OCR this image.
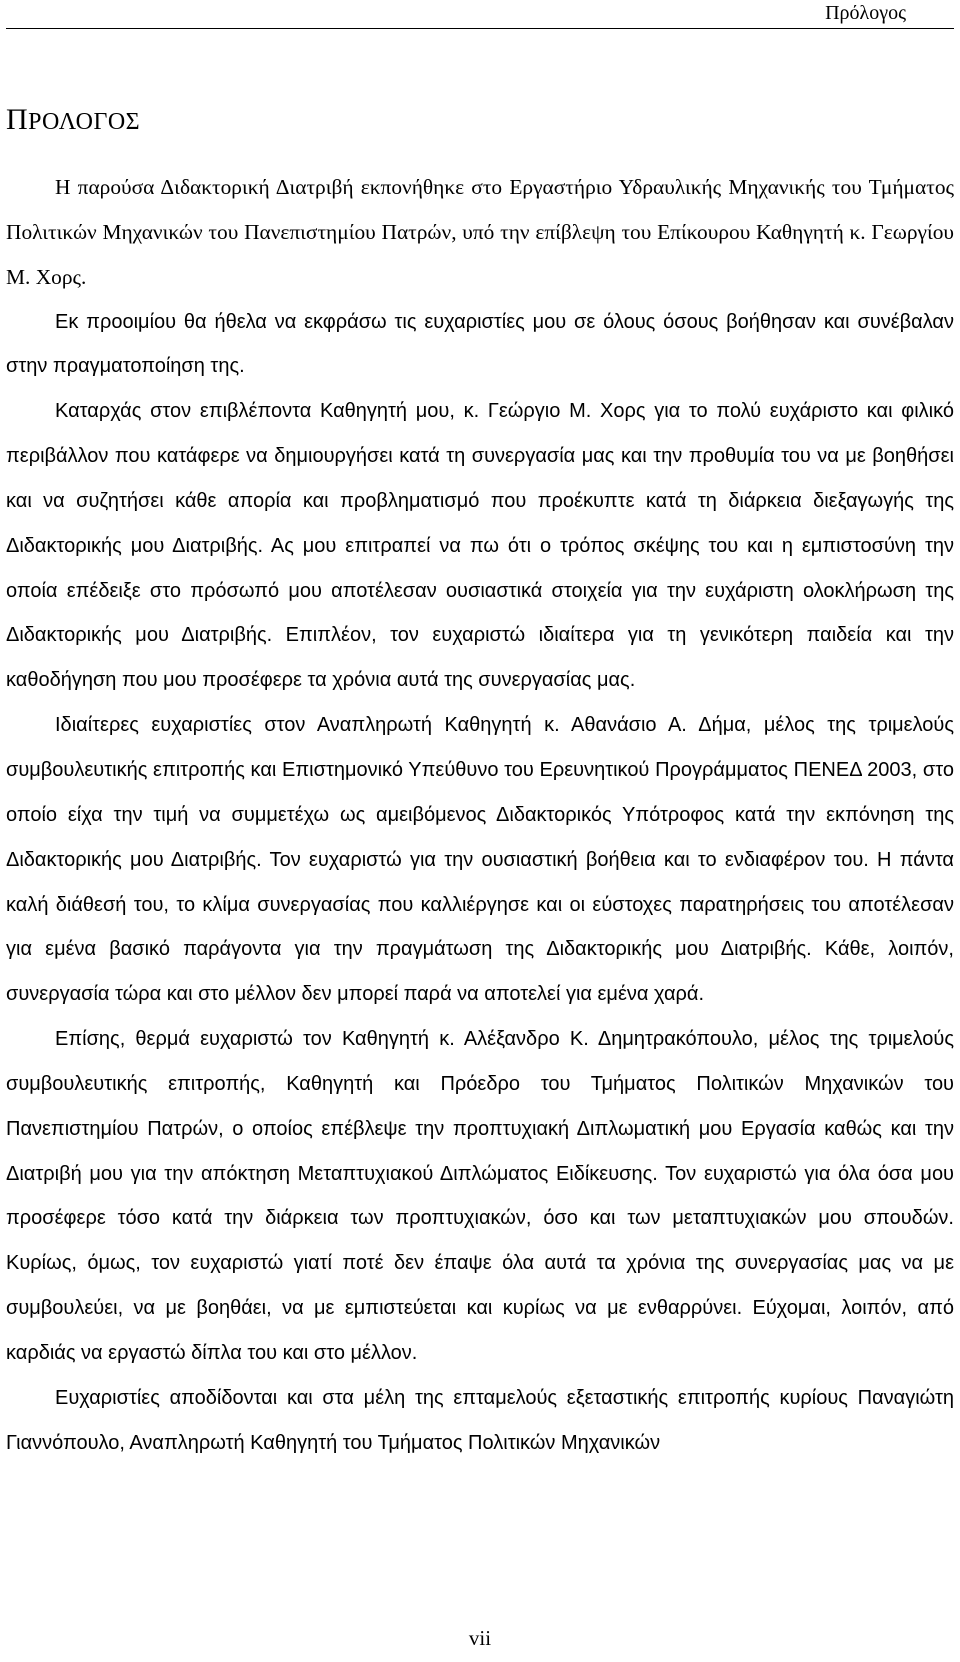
Πρόλογος
ΠΡΟΛΟΓΟΣ

Η παρούσα Διδακτορική Διατριβή εκπονήθηκε στο Εργαστήριο Υδραυλικής Μηχανικής του Τμήματος Πολιτικών Μηχανικών του Πανεπιστημίου Πατρών, υπό την επίβλεψη του Επίκουρου Καθηγητή κ. Γεωργίου Μ. Χορς.

Εκ προοιμίου θα ήθελα να εκφράσω τις ευχαριστίες μου σε όλους όσους βοήθησαν και συνέβαλαν στην πραγματοποίηση της.

Καταρχάς στον επιβλέποντα Καθηγητή μου, κ. Γεώργιο Μ. Χορς για το πολύ ευχάριστο και φιλικό περιβάλλον που κατάφερε να δημιουργήσει κατά τη συνεργασία μας και την προθυμία του να με βοηθήσει και να συζητήσει κάθε απορία και προβληματισμό που προέκυπτε κατά τη διάρκεια διεξαγωγής της Διδακτορικής μου Διατριβής. Ας μου επιτραπεί να πω ότι ο τρόπος σκέψης του και η εμπιστοσύνη την οποία επέδειξε στο πρόσωπό μου αποτέλεσαν ουσιαστικά στοιχεία για την ευχάριστη ολοκλήρωση της Διδακτορικής μου Διατριβής. Επιπλέον, τον ευχαριστώ ιδιαίτερα για τη γενικότερη παιδεία και την καθοδήγηση που μου προσέφερε τα χρόνια αυτά της συνεργασίας μας.

Ιδιαίτερες ευχαριστίες στον Αναπληρωτή Καθηγητή κ. Αθανάσιο Α. Δήμα, μέλος της τριμελούς συμβουλευτικής επιτροπής και Επιστημονικό Υπεύθυνο του Ερευνητικού Προγράμματος ΠΕΝΕΔ 2003, στο οποίο είχα την τιμή να συμμετέχω ως αμειβόμενος Διδακτορικός Υπότροφος κατά την εκπόνηση της Διδακτορικής μου Διατριβής. Τον ευχαριστώ για την ουσιαστική βοήθεια και το ενδιαφέρον του. Η πάντα καλή διάθεσή του, το κλίμα συνεργασίας που καλλιέργησε και οι εύστοχες παρατηρήσεις του αποτέλεσαν για εμένα βασικό παράγοντα για την πραγμάτωση της Διδακτορικής μου Διατριβής. Κάθε, λοιπόν, συνεργασία τώρα και στο μέλλον δεν μπορεί παρά να αποτελεί για εμένα χαρά.

Επίσης, θερμά ευχαριστώ τον Καθηγητή κ. Αλέξανδρο Κ. Δημητρακόπουλο, μέλος της τριμελούς συμβουλευτικής επιτροπής, Καθηγητή και Πρόεδρο του Τμήματος Πολιτικών Μηχανικών του Πανεπιστημίου Πατρών, ο οποίος επέβλεψε την προπτυχιακή Διπλωματική μου Εργασία καθώς και την Διατριβή μου για την απόκτηση Μεταπτυχιακού Διπλώματος Ειδίκευσης. Τον ευχαριστώ για όλα όσα μου προσέφερε τόσο κατά την διάρκεια των προπτυχιακών, όσο και των μεταπτυχιακών μου σπουδών. Κυρίως, όμως, τον ευχαριστώ γιατί ποτέ δεν έπαψε όλα αυτά τα χρόνια της συνεργασίας μας να με συμβουλεύει, να με βοηθάει, να με εμπιστεύεται και κυρίως να με ενθαρρύνει. Εύχομαι, λοιπόν, από καρδιάς να εργαστώ δίπλα του και στο μέλλον.

Ευχαριστίες αποδίδονται και στα μέλη της επταμελούς εξεταστικής επιτροπής κυρίους Παναγιώτη Γιαννόπουλο, Αναπληρωτή Καθηγητή του Τμήματος Πολιτικών Μηχανικών

vii
